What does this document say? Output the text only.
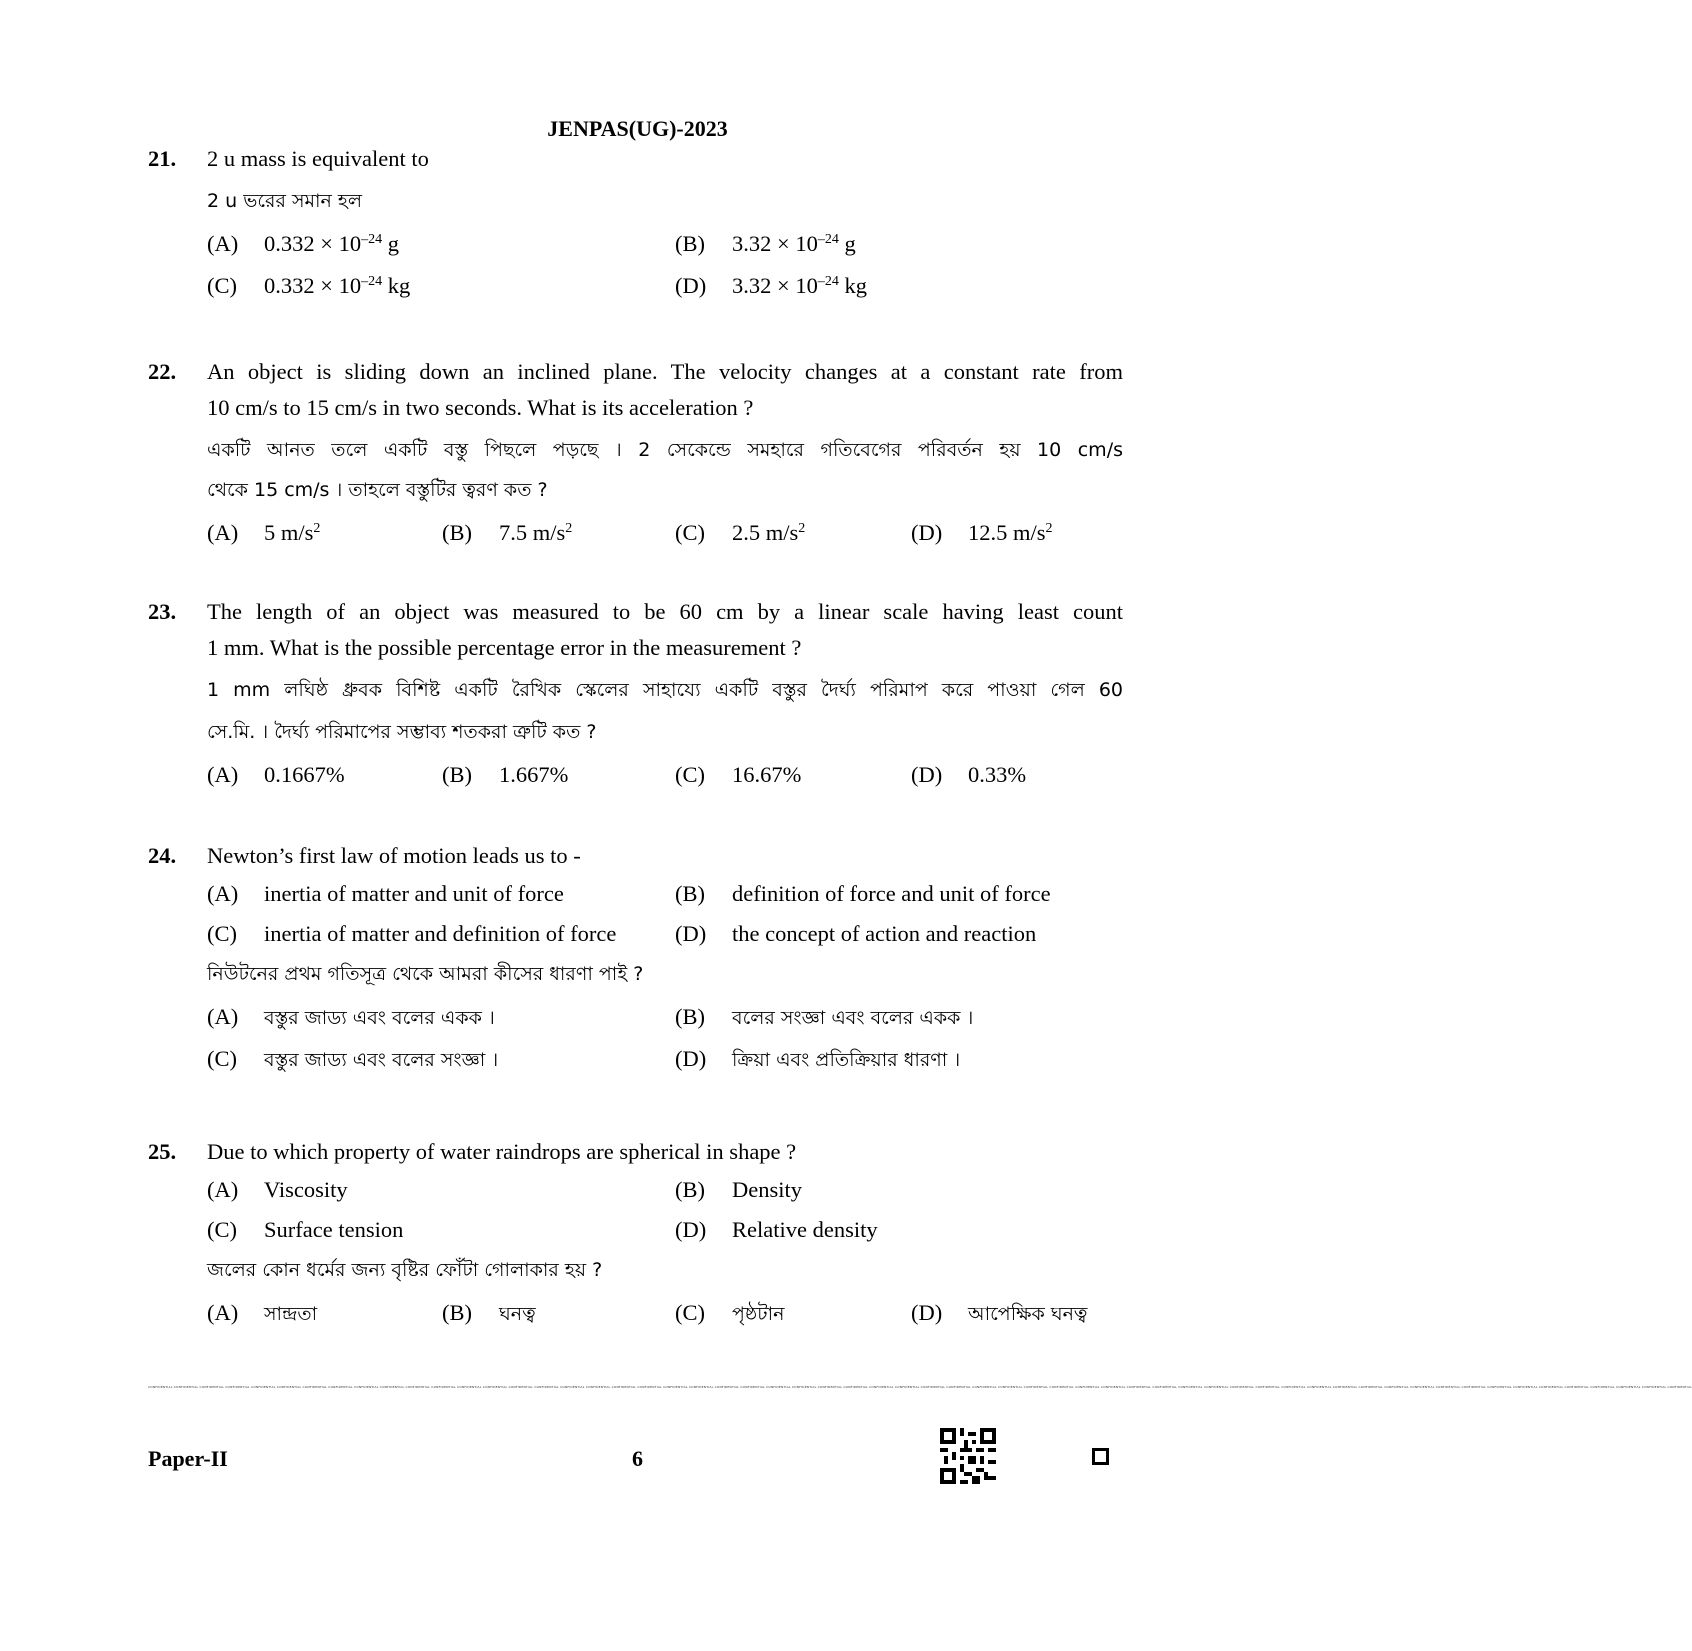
JENPAS(UG)-2023
21. 2 u mass is equivalent to
2 u ভরের সমান হল
(A) $0.332 \times 10^{-24}$ g	(B) $3.32 \times 10^{-24}$ g
(C) $0.332 \times 10^{-24}$ kg	(D) $3.32 \times 10^{-24}$ kg
22. An object is sliding down an inclined plane. The velocity changes at a constant rate from
10 cm/s to 15 cm/s in two seconds. What is its acceleration ?
একটি আনত তলে একটি বস্তু পিছলে পড়ছে । 2 সেকেন্ডে সমহারে গতিবেগের পরিবর্তন হয় 10 cm/s
থেকে 15 cm/s । তাহলে বস্তুটির ত্বরণ কত ?
(A) 5 $m/s^2$	(B) 7.5 $m/s^2$	(C) 2.5 $m/s^2$	(D) 12.5 $m/s^2$
23. The length of an object was measured to be 60 cm by a linear scale having least count
1 mm. What is the possible percentage error in the measurement ?
1 mm লঘিষ্ঠ ধ্রুবক বিশিষ্ট একটি রৈখিক স্কেলের সাহায্যে একটি বস্তুর দৈর্ঘ্য পরিমাপ করে পাওয়া গেল 60
সে.মি. । দৈর্ঘ্য পরিমাপের সম্ভাব্য শতকরা ত্রুটি কত ?
(A) 0.1667%	(B) 1.667%	(C) 16.67%	(D) 0.33%
24. Newton’s first law of motion leads us to -
(A) inertia of matter and unit of force	(B) definition of force and unit of force
(C) inertia of matter and definition of force	(D) the concept of action and reaction
নিউটনের প্রথম গতিসূত্র থেকে আমরা কীসের ধারণা পাই ?
(A) বস্তুর জাড্য এবং বলের একক ।	(B) বলের সংজ্ঞা এবং বলের একক ।
(C) বস্তুর জাড্য এবং বলের সংজ্ঞা ।	(D) ক্রিয়া এবং প্রতিক্রিয়ার ধারণা ।
25. Due to which property of water raindrops are spherical in shape ?
(A) Viscosity	(B) Density
(C) Surface tension	(D) Relative density
জলের কোন ধর্মের জন্য বৃষ্টির ফোঁটা গোলাকার হয় ?
(A) সান্দ্রতা	(B) ঘনত্ব	(C) পৃষ্ঠটান	(D) আপেক্ষিক ঘনত্ব
CONFIDENTIAL CONFIDENTIAL CONFIDENTIAL CONFIDENTIAL CONFIDENTIAL CONFIDENTIAL CONFIDENTIAL CONFIDENTIAL CONFIDENTIAL CONFIDENTIAL CONFIDENTIAL CONFIDENTIAL CONFIDENTIAL CONFIDENTIAL CONFIDENTIAL CONFIDENTIAL CONFIDENTIAL CONFIDENTIAL CONFIDENTIAL CONFIDENTIAL CONFIDENTIAL CONFIDENTIAL CONFIDENTIAL CONFIDENTIAL CONFIDENTIAL CONFIDENTIAL CONFIDENTIAL CONFIDENTIAL CONFIDENTIAL CONFIDENTIAL CONFIDENTIAL CONFIDENTIAL CONFIDENTIAL CONFIDENTIAL CONFIDENTIAL CONFIDENTIAL CONFIDENTIAL CONFIDENTIAL CONFIDENTIAL CONFIDENTIAL CONFIDENTIAL CONFIDENTIAL CONFIDENTIAL CONFIDENTIAL CONFIDENTIAL CONFIDENTIAL CONFIDENTIAL CONFIDENTIAL CONFIDENTIAL CONFIDENTIAL CONFIDENTIAL CONFIDENTIAL CONFIDENTIAL CONFIDENTIAL CONFIDENTIAL CONFIDENTIAL CONFIDENTIAL CONFIDENTIAL CONFIDENTIAL CONFIDENTIAL
Paper-II	6
